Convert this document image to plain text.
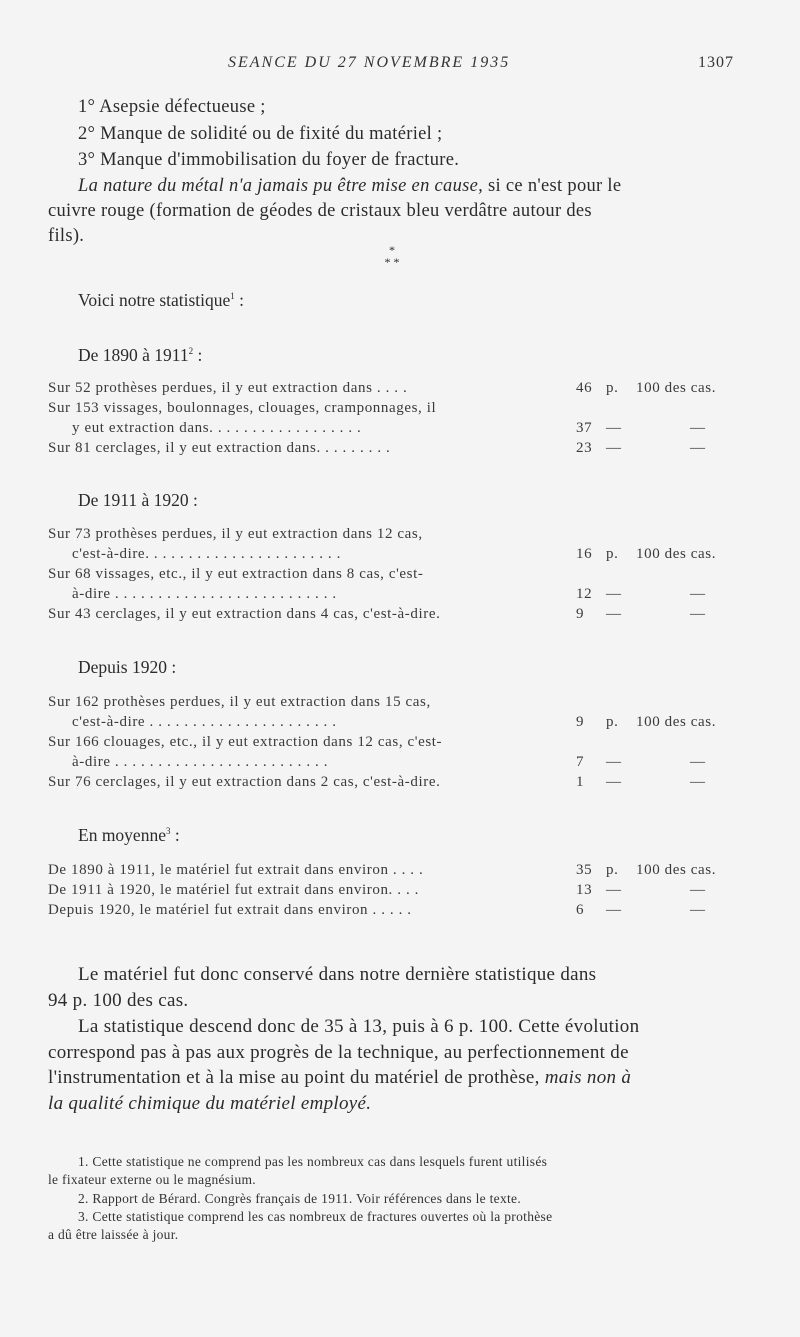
SEANCE DU 27 NOVEMBRE 1935	1307
1° Asepsie défectueuse ;
2° Manque de solidité ou de fixité du matériel ;
3° Manque d'immobilisation du foyer de fracture.
La nature du métal n'a jamais pu être mise en cause, si ce n'est pour le
cuivre rouge (formation de géodes de cristaux bleu verdâtre autour des
fils).
*
* *
Voici notre statistique$^1$ :
De 1890 à 1911$^2$ :
Sur 52 prothèses perdues, il y eut extraction dans . . . .	46 p. 100 des cas.
Sur 153 vissages, boulonnages, clouages, cramponnages, il
y eut extraction dans. . . . . . . . . . . . . . . . . .	37 —	—
Sur 81 cerclages, il y eut extraction dans. . . . . . . . .	23 —	—
De 1911 à 1920 :
Sur 73 prothèses perdues, il y eut extraction dans 12 cas,
c'est-à-dire. . . . . . . . . . . . . . . . . . . . . . .	16 p. 100 des cas.
Sur 68 vissages, etc., il y eut extraction dans 8 cas, c'est-
à-dire . . . . . . . . . . . . . . . . . . . . . . . . . .	12 —	—
Sur 43 cerclages, il y eut extraction dans 4 cas, c'est-à-dire.	9 —	—
Depuis 1920 :
Sur 162 prothèses perdues, il y eut extraction dans 15 cas,
c'est-à-dire . . . . . . . . . . . . . . . . . . . . . .	9 p. 100 des cas.
Sur 166 clouages, etc., il y eut extraction dans 12 cas, c'est-
à-dire . . . . . . . . . . . . . . . . . . . . . . . . .	7 —	—
Sur 76 cerclages, il y eut extraction dans 2 cas, c'est-à-dire.	1 —	—
En moyenne$^3$ :
De 1890 à 1911, le matériel fut extrait dans environ . . . .	35 p. 100 des cas.
De 1911 à 1920, le matériel fut extrait dans environ. . . .	13 —	—
Depuis 1920, le matériel fut extrait dans environ . . . . .	6 —	—
Le matériel fut donc conservé dans notre dernière statistique dans
94 p. 100 des cas.
La statistique descend donc de 35 à 13, puis à 6 p. 100. Cette évolution
correspond pas à pas aux progrès de la technique, au perfectionnement de
l'instrumentation et à la mise au point du matériel de prothèse, mais non à
la qualité chimique du matériel employé.
1. Cette statistique ne comprend pas les nombreux cas dans lesquels furent utilisés
le fixateur externe ou le magnésium.
2. Rapport de Bérard. Congrès français de 1911. Voir références dans le texte.
3. Cette statistique comprend les cas nombreux de fractures ouvertes où la prothèse
a dû être laissée à jour.
